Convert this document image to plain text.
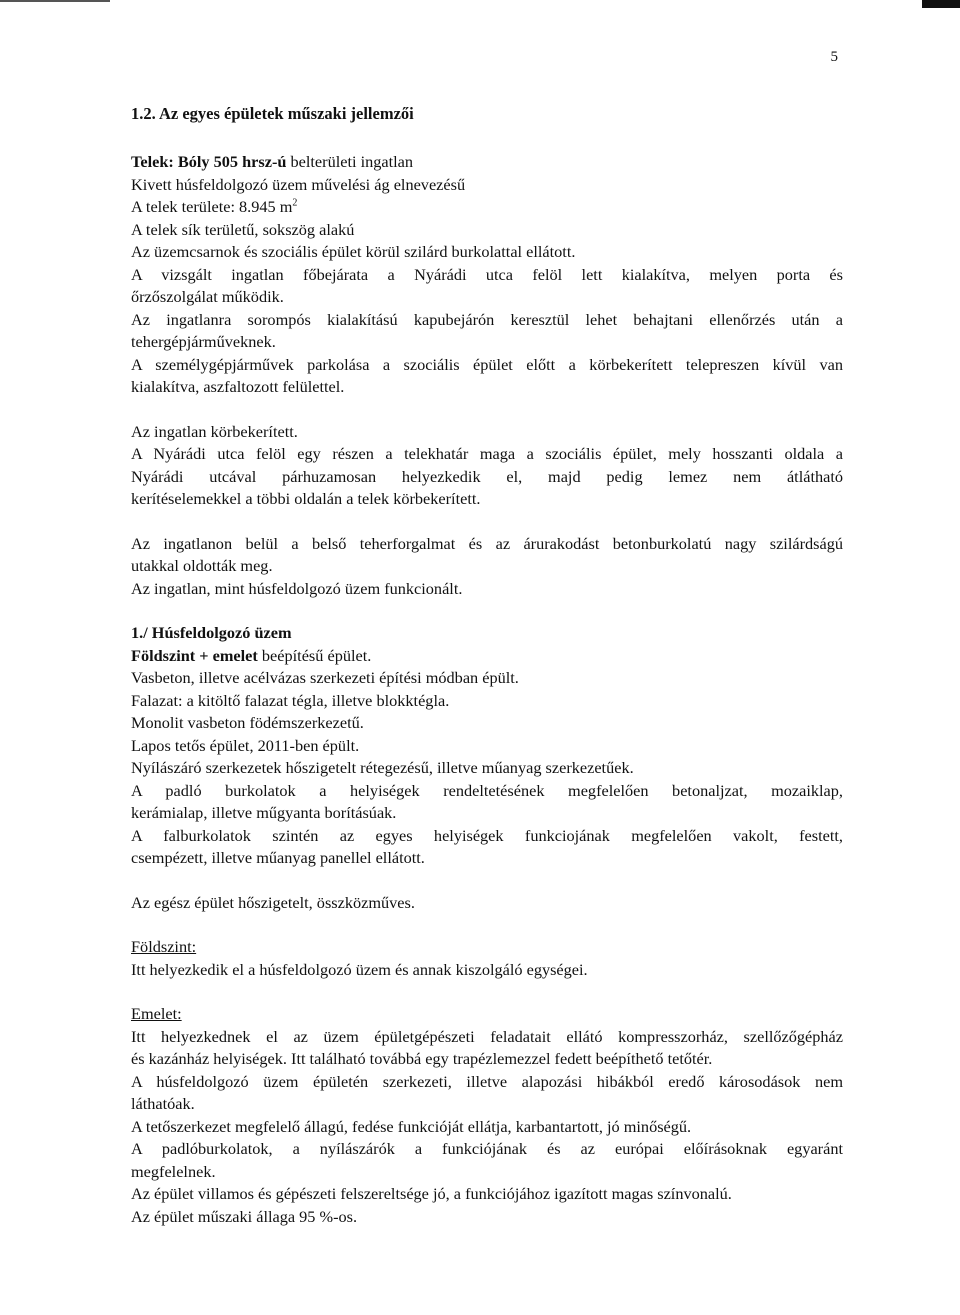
5
1.2. Az egyes épületek műszaki jellemzői
Telek: Bóly 505 hrsz-ú belterületi ingatlan
Kivett húsfeldolgozó üzem művelési ág elnevezésű
A telek területe: 8.945 $m^2$
A telek sík területű, sokszög alakú
Az üzemcsarnok és szociális épület körül szilárd burkolattal ellátott.
A vizsgált ingatlan főbejárata a Nyárádi utca felöl lett kialakítva, melyen porta és
őrzőszolgálat működik.
Az ingatlanra sorompós kialakítású kapubejárón keresztül lehet behajtani ellenőrzés után a
tehergépjárműveknek.
A személygépjárművek parkolása a szociális épület előtt a körbekerített telepreszen kívül van
kialakítva, aszfaltozott felülettel.
Az ingatlan körbekerített.
A Nyárádi utca felöl egy részen a telekhatár maga a szociális épület, mely hosszanti oldala a
Nyárádi utcával párhuzamosan helyezkedik el, majd pedig lemez nem átlátható
kerítéselemekkel a többi oldalán a telek körbekerített.
Az ingatlanon belül a belső teherforgalmat és az árurakodást betonburkolatú nagy szilárdságú
utakkal oldották meg.
Az ingatlan, mint húsfeldolgozó üzem funkcionált.
1./ Húsfeldolgozó üzem
Földszint + emelet beépítésű épület.
Vasbeton, illetve acélvázas szerkezeti építési módban épült.
Falazat: a kitöltő falazat tégla, illetve blokktégla.
Monolit vasbeton födémszerkezetű.
Lapos tetős épület, 2011-ben épült.
Nyílászáró szerkezetek hőszigetelt rétegezésű, illetve műanyag szerkezetűek.
A padló burkolatok a helyiségek rendeltetésének megfelelően betonaljzat, mozaiklap,
kerámialap, illetve műgyanta borításúak.
A falburkolatok szintén az egyes helyiségek funkciojának megfelelően vakolt, festett,
csempézett, illetve műanyag panellel ellátott.
Az egész épület hőszigetelt, összközműves.
Földszint:
Itt helyezkedik el a húsfeldolgozó üzem és annak kiszolgáló egységei.
Emelet:
Itt helyezkednek el az üzem épületgépészeti feladatait ellátó kompresszorház, szellőzőgépház
és kazánház helyiségek. Itt található továbbá egy trapézlemezzel fedett beépíthető tetőtér.
A húsfeldolgozó üzem épületén szerkezeti, illetve alapozási hibákból eredő károsodások nem
láthatóak.
A tetőszerkezet megfelelő állagú, fedése funkcióját ellátja, karbantartott, jó minőségű.
A padlóburkolatok, a nyílászárók a funkciójának és az európai előírásoknak egyaránt
megfelelnek.
Az épület villamos és gépészeti felszereltsége jó, a funkciójához igazított magas színvonalú.
Az épület műszaki állaga 95 %-os.
